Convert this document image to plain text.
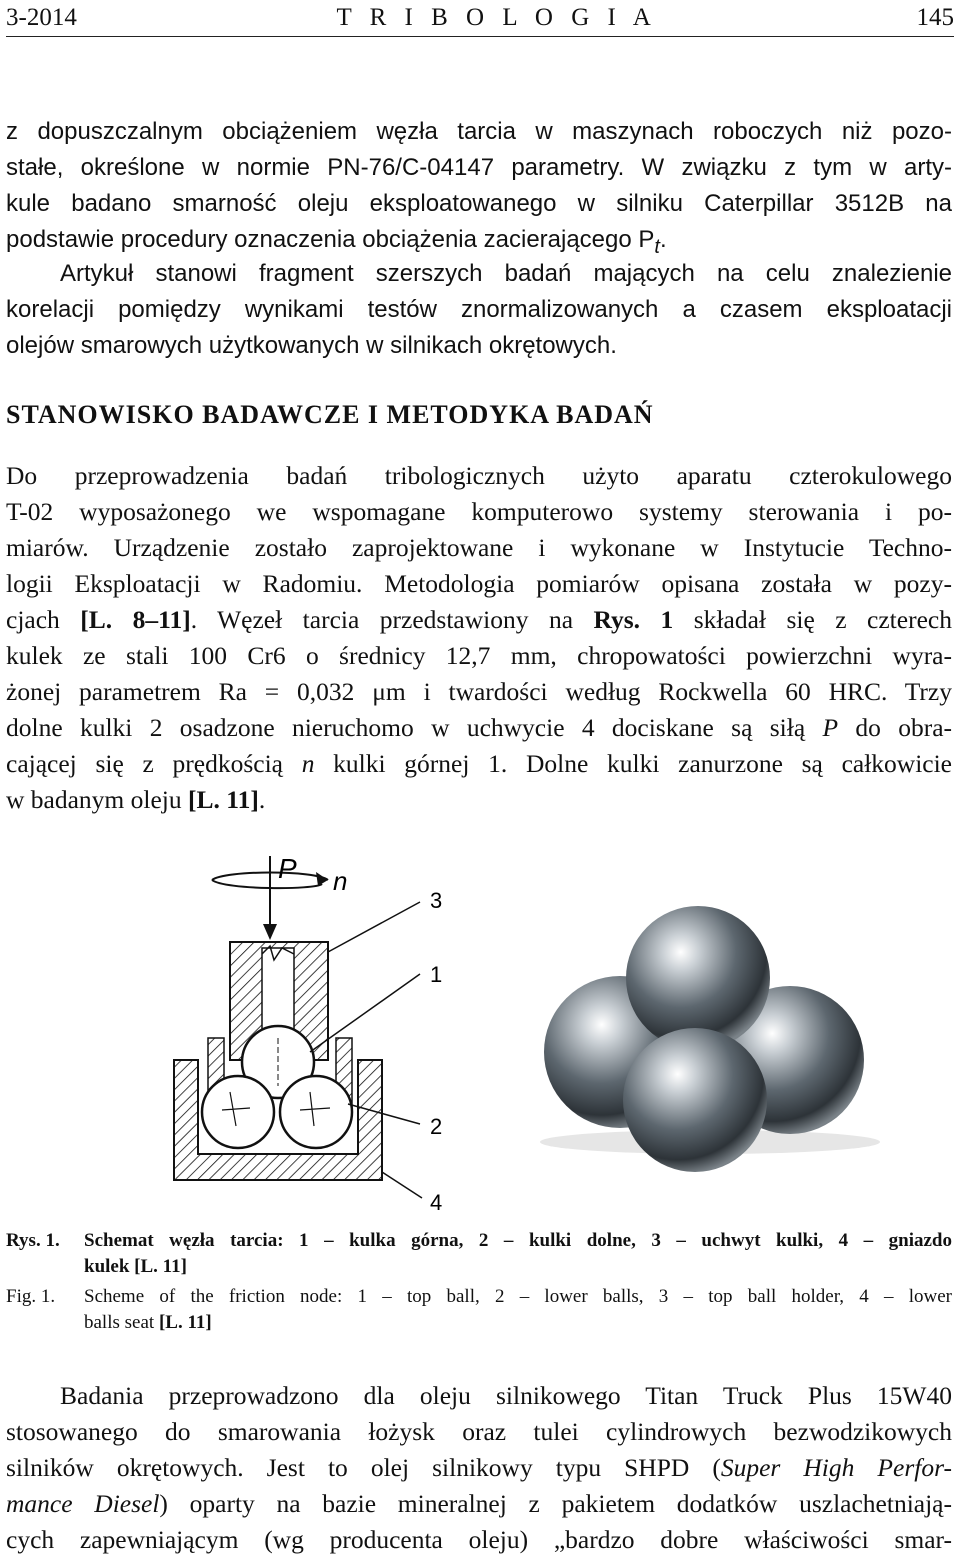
3-2014	T R I B O L O G I A	145

z dopuszczalnym obciążeniem węzła tarcia w maszynach roboczych niż pozo-
stałe, określone w normie PN-76/C-04147 parametry. W związku z tym w arty-
kule badano smarność oleju eksploatowanego w silniku Caterpillar 3512B na
podstawie procedury oznaczenia obciążenia zacierającego $P_t$.

Artykuł stanowi fragment szerszych badań mających na celu znalezienie
korelacji pomiędzy wynikami testów znormalizowanych a czasem eksploatacji
olejów smarowych użytkowanych w silnikach okrętowych.

STANOWISKO BADAWCZE I METODYKA BADAŃ

Do przeprowadzenia badań tribologicznych użyto aparatu czterokulowego
T-02 wyposażonego we wspomagane komputerowo systemy sterowania i po-
miarów. Urządzenie zostało zaprojektowane i wykonane w Instytucie Techno-
logii Eksploatacji w Radomiu. Metodologia pomiarów opisana została w pozy-
cjach [L. 8–11]. Węzeł tarcia przedstawiony na Rys. 1 składał się z czterech
kulek ze stali 100 Cr6 o średnicy 12,7 mm, chropowatości powierzchni wyra-
żonej parametrem Ra = 0,032 μm i twardości według Rockwella 60 HRC. Trzy
dolne kulki 2 osadzone nieruchomo w uchwycie 4 dociskane są siłą P do obra-
cającej się z prędkością n kulki górnej 1. Dolne kulki zanurzone są całkowicie
w badanym oleju [L. 11].

n
P
3
1
2
4
Rys. 1.	Schemat węzła tarcia: 1 – kulka górna, 2 – kulki dolne, 3 – uchwyt kulki, 4 – gniazdo
kulek [L. 11]
Fig. 1.	Scheme of the friction node: 1 – top ball, 2 – lower balls, 3 – top ball holder, 4 – lower
balls seat [L. 11]

Badania przeprowadzono dla oleju silnikowego Titan Truck Plus 15W40
stosowanego do smarowania łożysk oraz tulei cylindrowych bezwodzikowych
silników okrętowych. Jest to olej silnikowy typu SHPD (Super High Perfor-
mance Diesel) oparty na bazie mineralnej z pakietem dodatków uszlachetniają-
cych zapewniającym (wg producenta oleju) „bardzo dobre właściwości smar-
